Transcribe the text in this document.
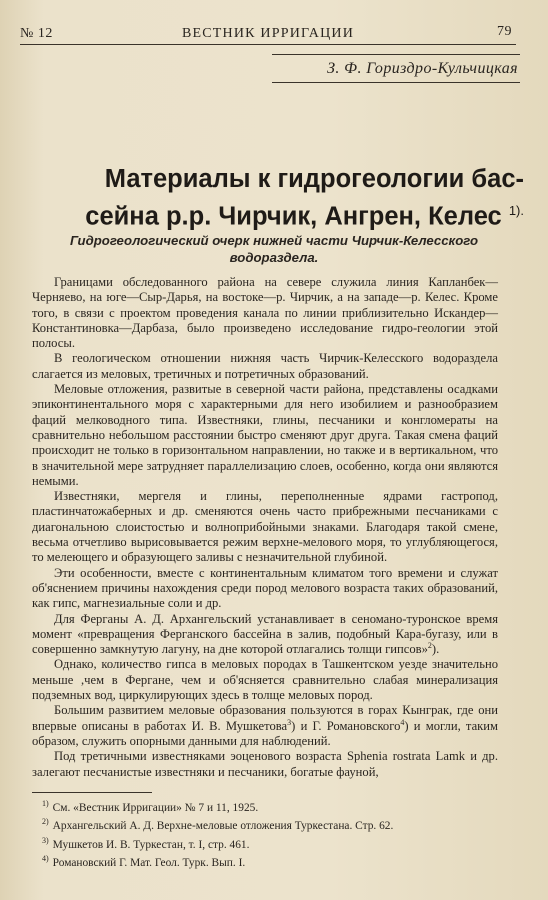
№ 12	ВЕСТНИК ИРРИГАЦИИ	79
З. Ф. Гориздро-Кульчицкая
Материалы к гидрогеологии бас-
сейна р.р. Чирчик, Ангрен, Келес $^{1).}$
Гидрогеологический очерк нижней части Чирчик-Келесского водораздела.

Границами обследованного района на севере служила линия Капланбек—Черняево, на юге—Сыр-Дарья, на востоке—р. Чирчик, а на западе—р. Келес. Кроме того, в связи с проектом проведения канала по линии приблизительно Искандер—Константиновка—Дарбаза, было произведено исследование гидро-геологии этой полосы.

В геологическом отношении нижняя часть Чирчик-Келесского водораздела слагается из меловых, третичных и потретичных образований.

Меловые отложения, развитые в северной части района, представлены осадками эпиконтинентального моря с характерными для него изобилием и разнообразием фаций мелководного типа. Известняки, глины, песчаники и конгломераты на сравнительно небольшом расстоянии быстро сменяют друг друга. Такая смена фаций происходит не только в горизонтальном направлении, но также и в вертикальном, что в значительной мере затрудняет параллелизацию слоев, особенно, когда они являются немыми.

Известняки, мергеля и глины, переполненные ядрами гастропод, пластинчатожаберных и др. сменяются очень часто прибрежными песчаниками с диагональною слоистостью и волноприбойными знаками. Благодаря такой смене, весьма отчетливо вырисовывается режим верхне-мелового моря, то углубляющегося, то мелеющего и образующего заливы с незначительной глубиной.

Эти особенности, вместе с континентальным климатом того времени и служат об'яснением причины нахождения среди пород мелового возраста таких образований, как гипс, магнезиальные соли и др.

Для Ферганы А. Д. Архангельский устанавливает в сеномано-туронское время момент «превращения Ферганского бассейна в залив, подобный Кара-бугазу, или в совершенно замкнутую лагуну, на дне которой отлагались толщи гипсов»$^2$).

Однако, количество гипса в меловых породах в Ташкентском уезде значительно меньше ,чем в Фергане, чем и об'ясняется сравнительно слабая минерализация подземных вод, циркулирующих здесь в толще меловых пород.

Большим развитием меловые образования пользуются в горах Кынграк, где они впервые описаны в работах И. В. Мушкетова$^3$) и Г. Романовского$^4$) и могли, таким образом, служить опорными данными для наблюдений.

Под третичными известняками эоценового возраста Sphenia rostrata Lamk и др. залегают песчанистые известняки и песчаники, богатые фауной,

$^{1)}$ См. «Вестник Ирригации» № 7 и 11, 1925.
$^{2)}$ Архангельский А. Д. Верхне-меловые отложения Туркестана. Стр. 62.
$^{3)}$ Мушкетов И. В. Туркестан, т. I, стр. 461.
$^{4)}$ Романовский Г. Мат. Геол. Турк. Вып. I.
